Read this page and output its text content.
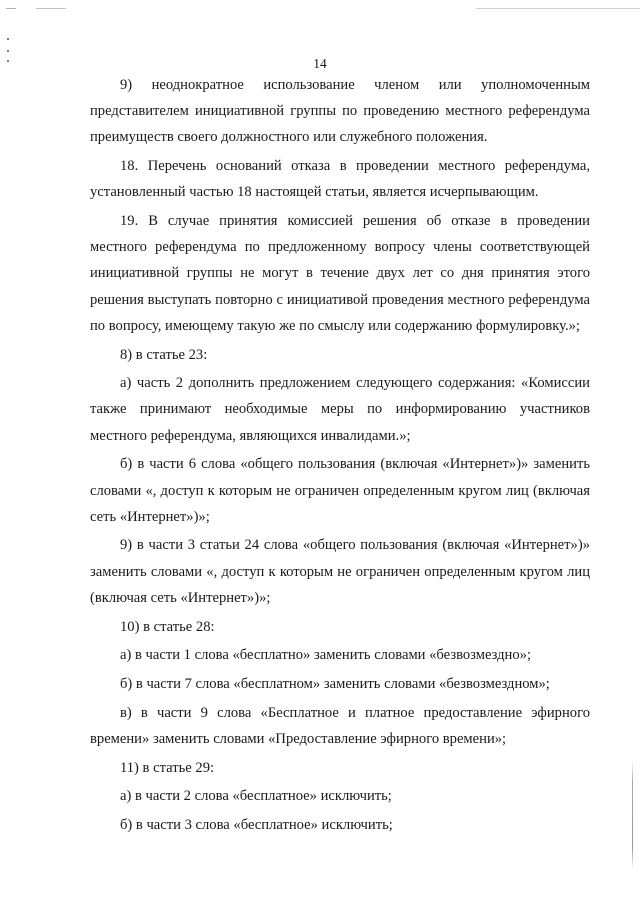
14

9) неоднократное использование членом или уполномоченным представителем инициативной группы по проведению местного референдума преимуществ своего должностного или служебного положения.

18. Перечень оснований отказа в проведении местного референдума, установленный частью 18 настоящей статьи, является исчерпывающим.

19. В случае принятия комиссией решения об отказе в проведении местного референдума по предложенному вопросу члены соответствующей инициативной группы не могут в течение двух лет со дня принятия этого решения выступать повторно с инициативой проведения местного референдума по вопросу, имеющему такую же по смыслу или содержанию формулировку.»;

8) в статье 23:

а) часть 2 дополнить предложением следующего содержания: «Комиссии также принимают необходимые меры по информированию участников местного референдума, являющихся инвалидами.»;

б) в части 6 слова «общего пользования (включая «Интернет»)» заменить словами «, доступ к которым не ограничен определенным кругом лиц (включая сеть «Интернет»)»;

9) в части 3 статьи 24 слова «общего пользования (включая «Интернет»)» заменить словами «, доступ к которым не ограничен определенным кругом лиц (включая сеть «Интернет»)»;

10) в статье 28:

а) в части 1 слова «бесплатно» заменить словами «безвозмездно»;

б) в части 7 слова «бесплатном» заменить словами «безвозмездном»;

в) в части 9 слова «Бесплатное и платное предоставление эфирного времени» заменить словами «Предоставление эфирного времени»;

11) в статье 29:

а) в части 2 слова «бесплатное» исключить;

б) в части 3 слова «бесплатное» исключить;
